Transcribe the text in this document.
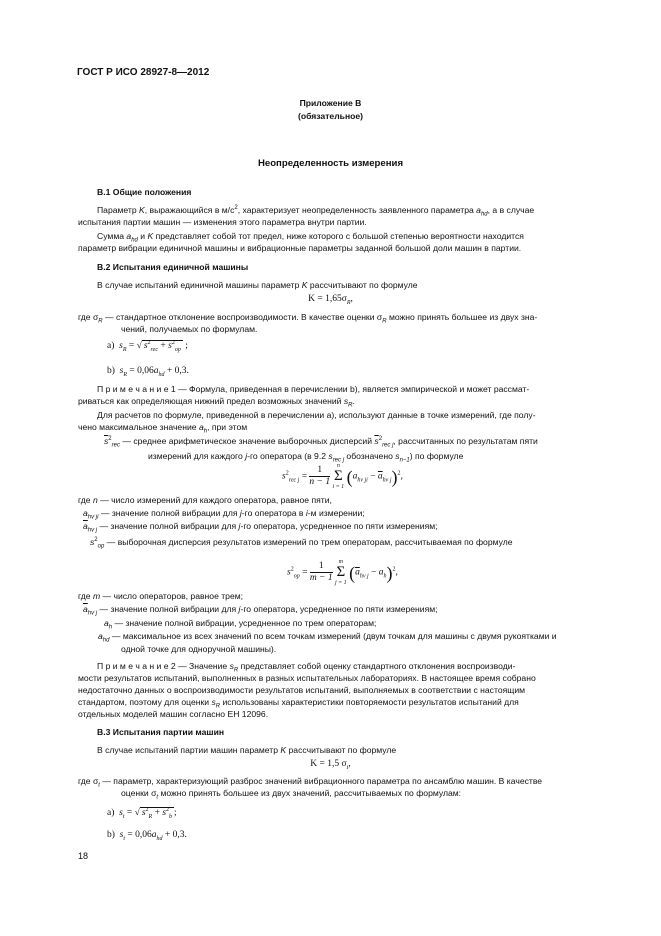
ГОСТ Р ИСО 28927-8—2012
Приложение В
(обязательное)
Неопределенность измерения
В.1 Общие положения
Параметр K, выражающийся в $м/с^2$, характеризует неопределенность заявленного параметра $a_{hd}$, а в случае
испытания партии машин — изменения этого параметра внутри партии.
Сумма $a_{hd}$ и K представляет собой тот предел, ниже которого с большой степенью вероятности находится
параметр вибрации единичной машины и вибрационные параметры заданной большой доли машин в партии.
В.2 Испытания единичной машины
В случае испытаний единичной машины параметр K рассчитывают по формуле
$K = 1,65\sigma_R$,
где $\sigma_R$ — стандартное отклонение воспроизводимости. В качестве оценки $\sigma_R$ можно принять большее из двух зна-
чений, получаемых по формулам.
a) $s_R$ = √ $s^2_{rec} + s^2_{op}$ ;
b) $s_R = 0,06a_{hd} + 0,3$.
П р и м е ч а н и е 1 — Формула, приведенная в перечислении b), является эмпирической и может рассмат-
риваться как определяющая нижний предел возможных значений $s_R$.
Для расчетов по формуле, приведенной в перечислении а), используют данные в точке измерений, где полу-
чено максимальное значение $a_h$, при этом
$\overline{s}^2_{rec}$ — среднее арифметическое значение выборочных дисперсий $\overline{s}^2_{rec j}$, рассчитанных по результатам пяти
измерений для каждого j-го оператора (в 9.2 $s_{rec j}$ обозначено $s_{n-1}$) по формуле
$s^2_{rec j} = \frac{1}{n - 1}$ n
Σ
i = 1 $(a_{hv ji} - \overline{a}_{hv j})^2$,
где n — число измерений для каждого оператора, равное пяти,
$a_{hv ji}$ — значение полной вибрации для j-го оператора в i-м измерении;
$\overline{a}_{hv j}$ — значение полной вибрации для j-го оператора, усредненное по пяти измерениям;
$s^2_{op}$ — выборочная дисперсия результатов измерений по трем операторам, рассчитываемая по формуле
$s^2_{op} = \frac{1}{m - 1}$ m
Σ
j = 1 $(\overline{a}_{hv j} - a_h)^2$,
где m — число операторов, равное трем;
$\overline{a}_{hv j}$ — значение полной вибрации для j-го оператора, усредненное по пяти измерениям;
$a_h$ — значение полной вибрации, усредненное по трем операторам;
$a_{hd}$ — максимальное из всех значений по всем точкам измерений (двум точкам для машины с двумя рукоятками и
одной точке для одноручной машины).
П р и м е ч а н и е 2 — Значение $s_R$ представляет собой оценку стандартного отклонения воспроизводи-
мости результатов испытаний, выполненных в разных испытательных лабораториях. В настоящее время собрано
недостаточно данных о воспроизводимости результатов испытаний, выполняемых в соответствии с настоящим
стандартом, поэтому для оценки $s_R$ использованы характеристики повторяемости результатов испытаний для
отдельных моделей машин согласно ЕН 12096.
В.3 Испытания партии машин
В случае испытаний партии машин параметр K рассчитывают по формуле
K = 1,5 $\sigma_t$,
где $\sigma_t$ — параметр, характеризующий разброс значений вибрационного параметра по ансамблю машин. В качестве
оценки $\sigma_t$ можно принять большее из двух значений, рассчитываемых по формулам:
a) $s_t$ = √ $s^2_R + s^2_b$ ;
b) $s_t = 0,06a_{hd} + 0,3$.
18
